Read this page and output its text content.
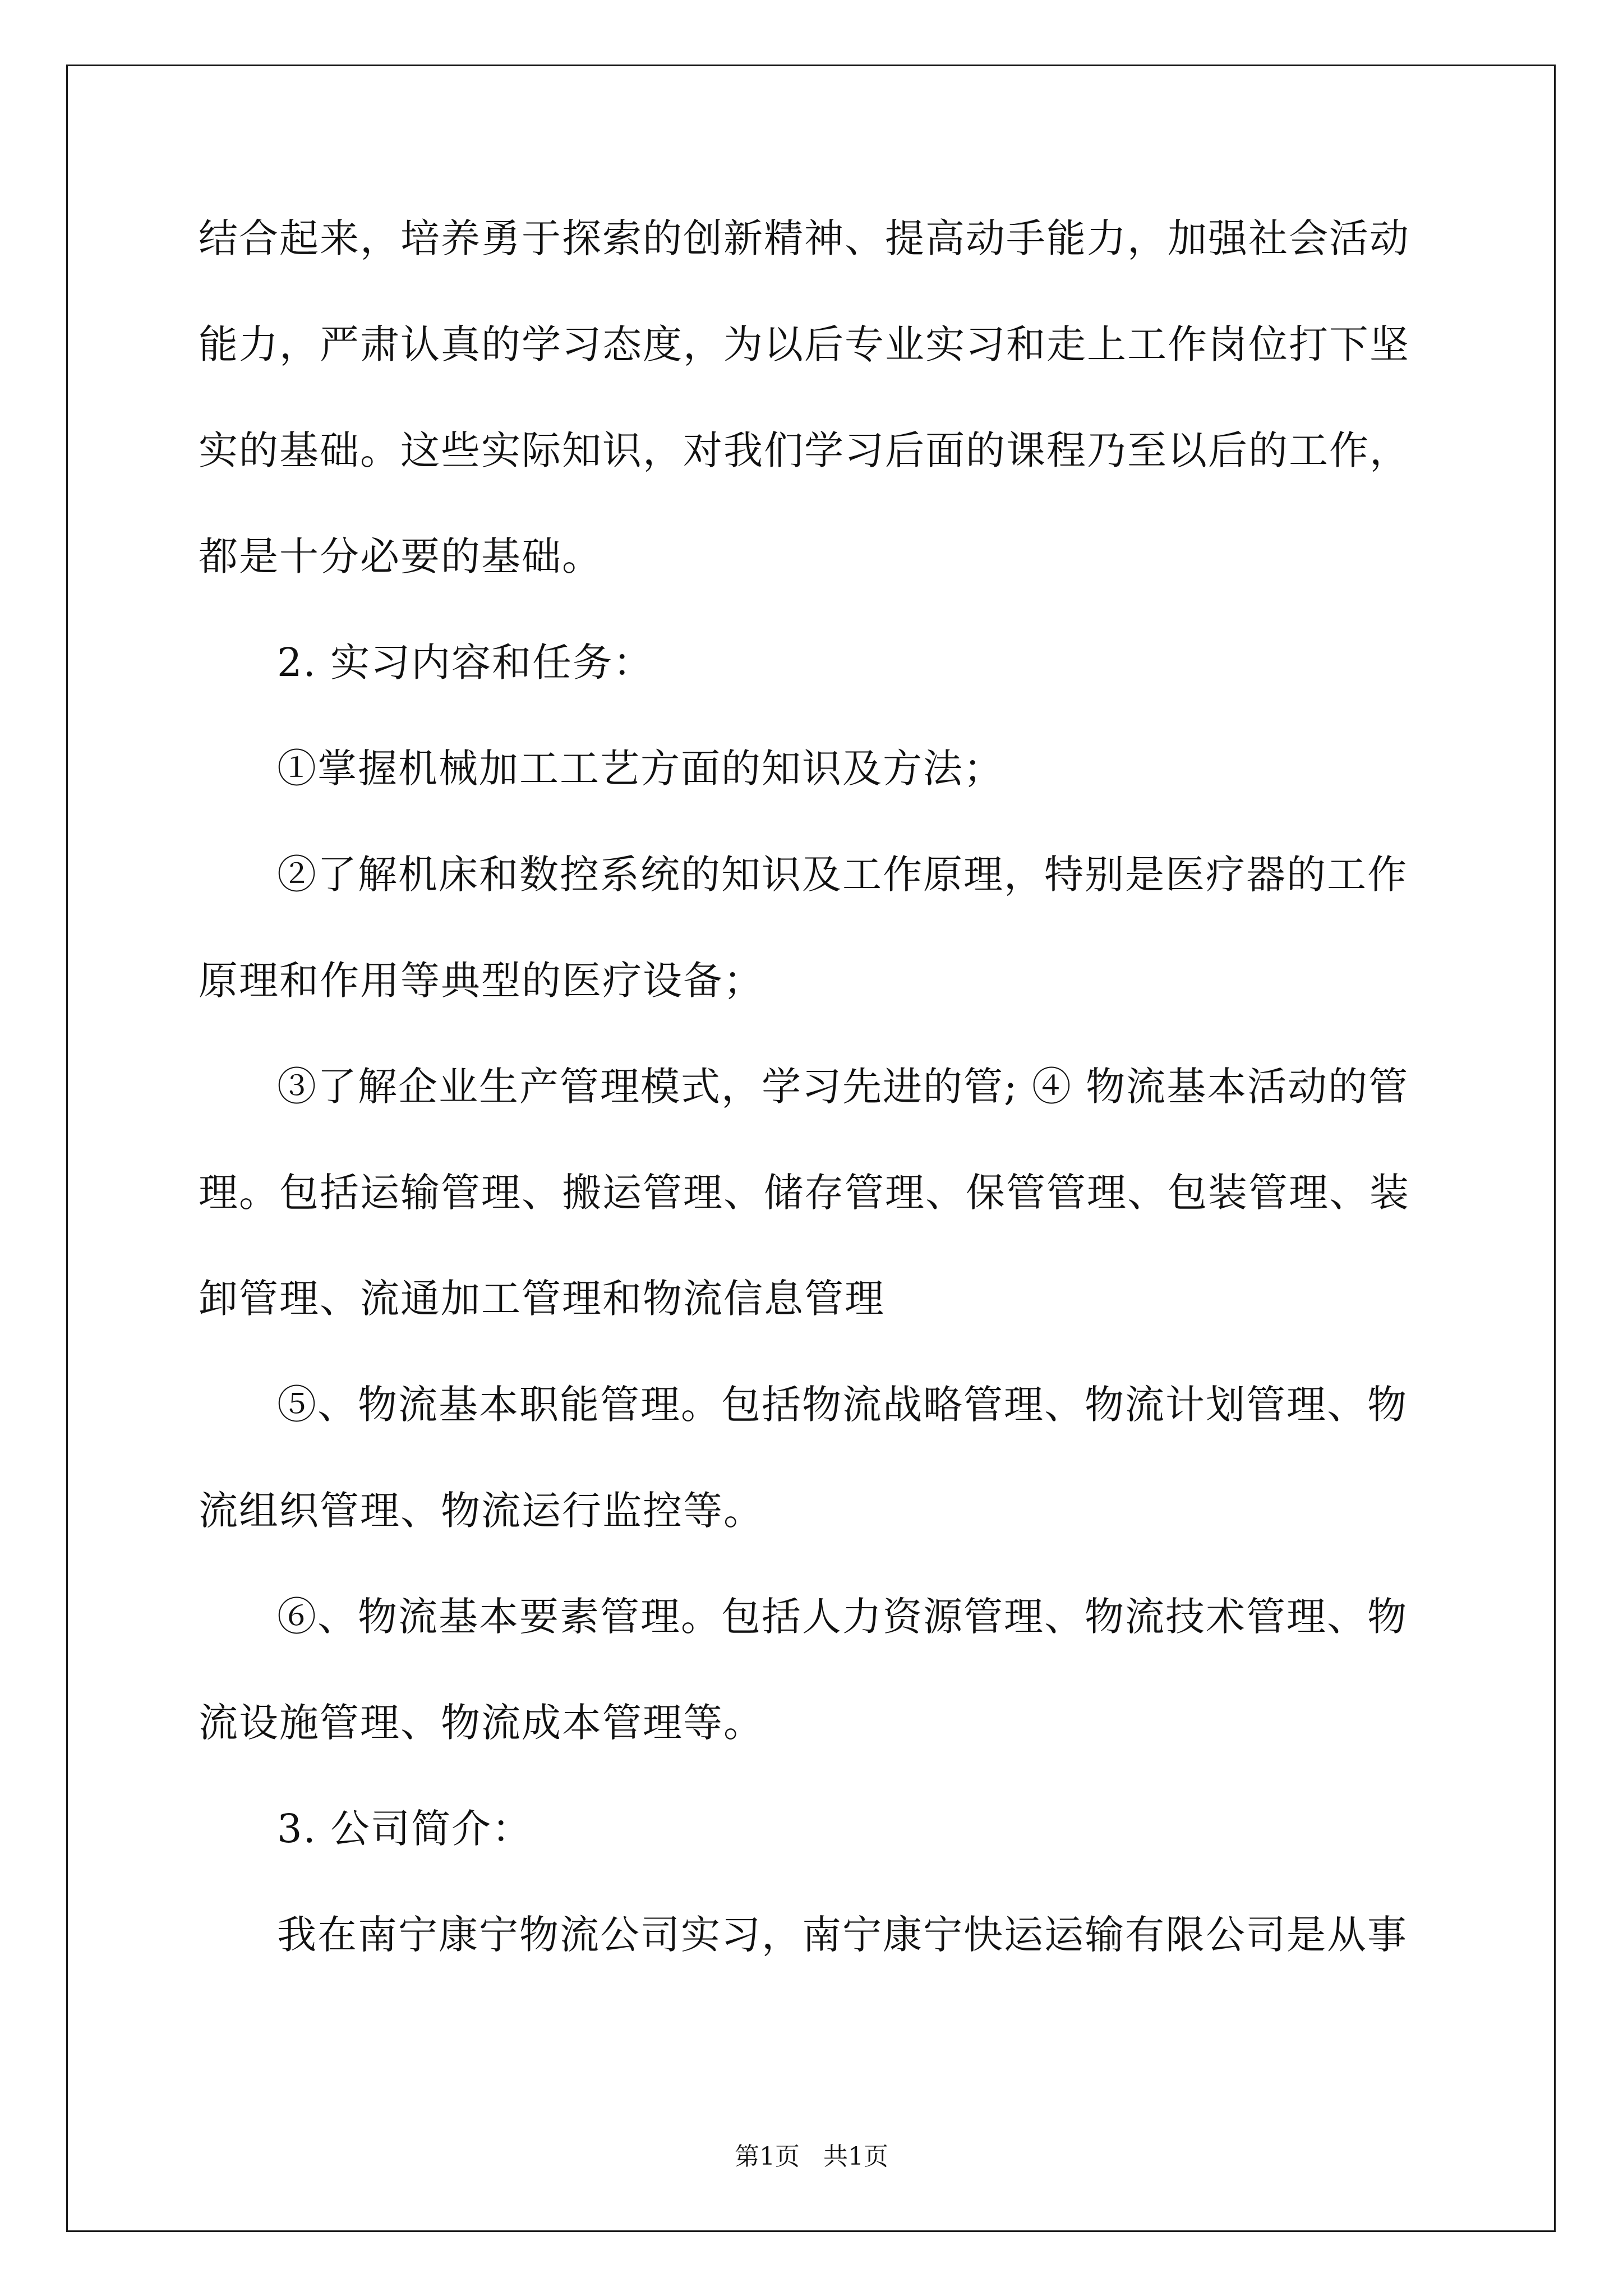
结合起来，培养勇于探索的创新精神、提高动手能力，加强社会活动
能力，严肃认真的学习态度，为以后专业实习和走上工作岗位打下坚
实的基础。这些实际知识，对我们学习后面的课程乃至以后的工作，
都是十分必要的基础。
2. 实习内容和任务：
①掌握机械加工工艺方面的知识及方法；
②了解机床和数控系统的知识及工作原理，特别是医疗器的工作
原理和作用等典型的医疗设备；
③了解企业生产管理模式，学习先进的管; ④ 物流基本活动的管
理。包括运输管理、搬运管理、储存管理、保管管理、包装管理、装
卸管理、流通加工管理和物流信息管理
⑤、物流基本职能管理。包括物流战略管理、物流计划管理、物
流组织管理、物流运行监控等。
⑥、物流基本要素管理。包括人力资源管理、物流技术管理、物
流设施管理、物流成本管理等。
3. 公司简介：
我在南宁康宁物流公司实习，南宁康宁快运运输有限公司是从事
第1页   共1页
